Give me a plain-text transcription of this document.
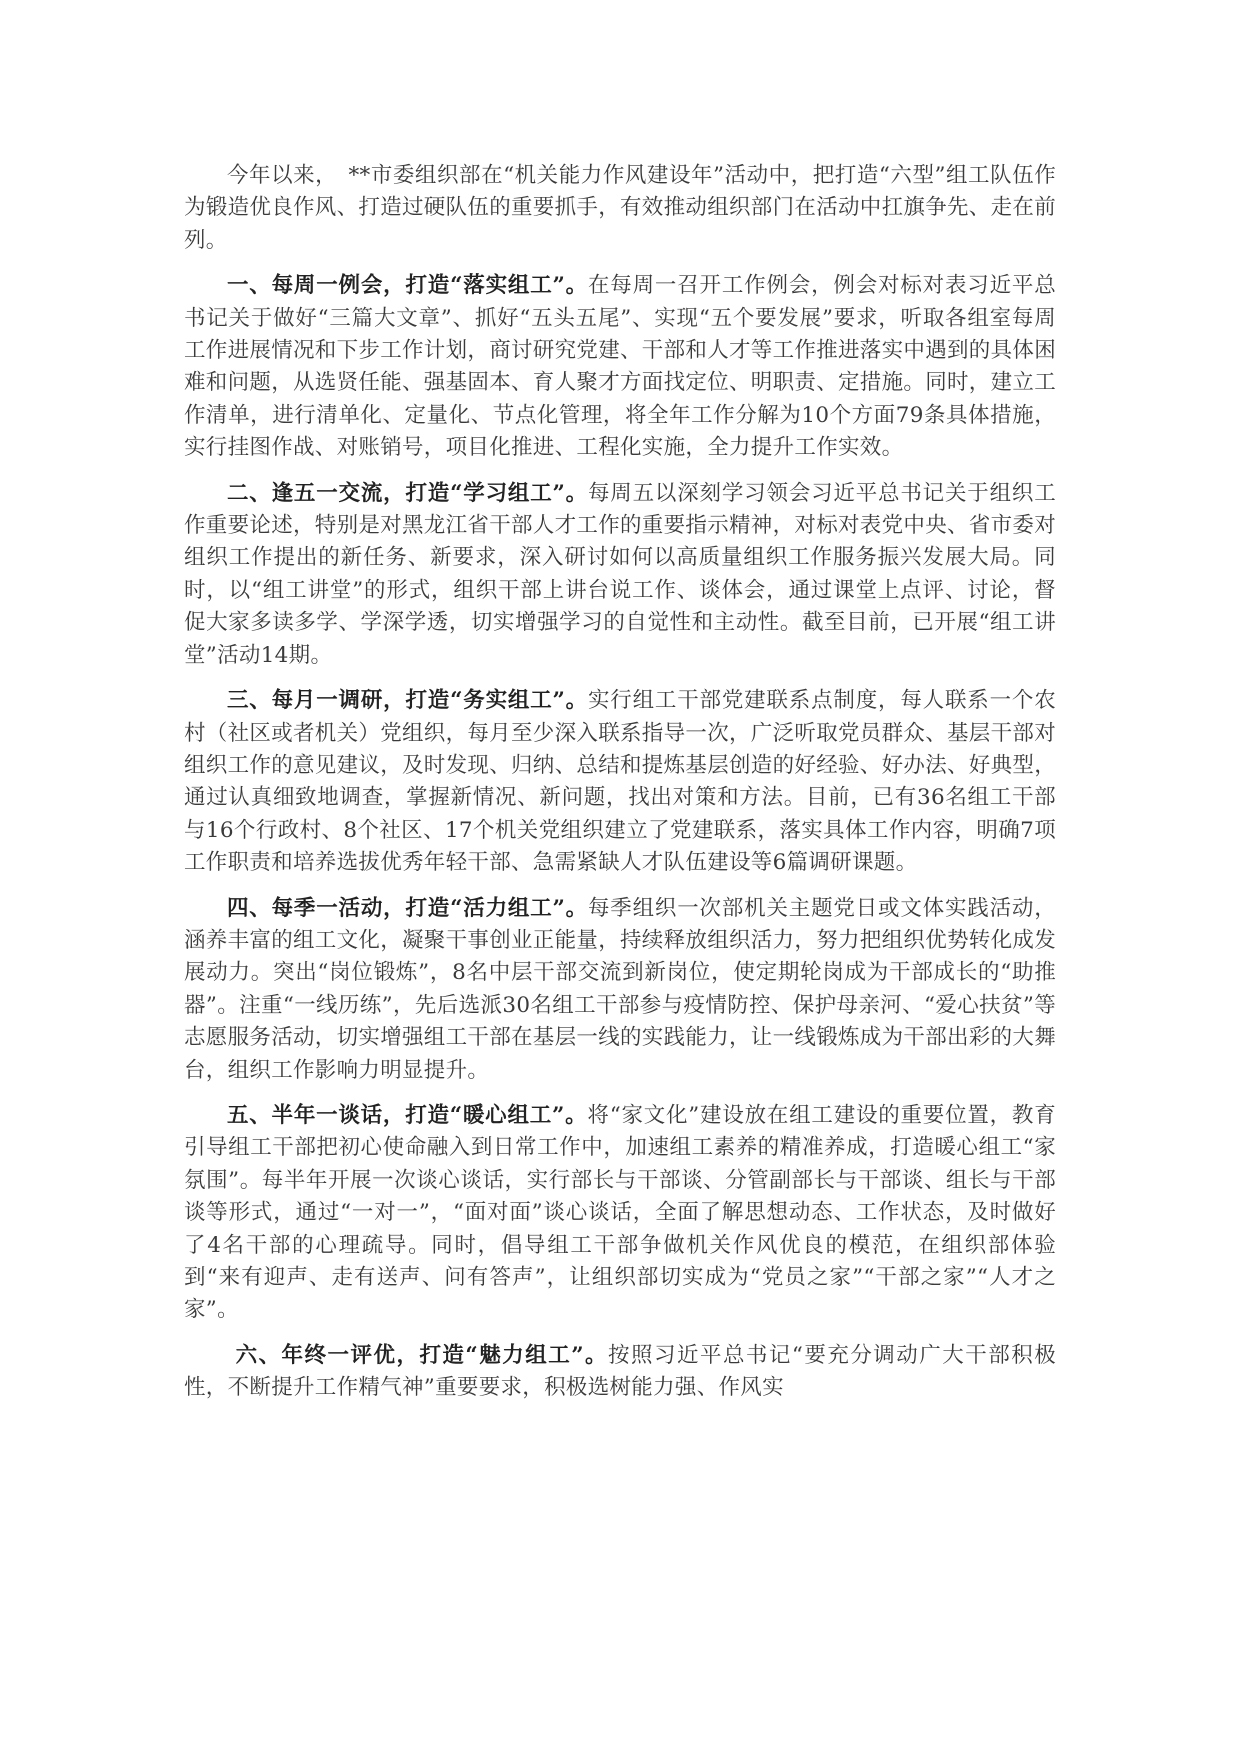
今年以来，　**市委组织部在“机关能力作风建设年”活动中，把打造“六型”组工队伍作为锻造优良作风、打造过硬队伍的重要抓手，有效推动组织部门在活动中扛旗争先、走在前列。

一、每周一例会，打造“落实组工”。在每周一召开工作例会，例会对标对表习近平总书记关于做好“三篇大文章”、抓好“五头五尾”、实现“五个要发展”要求，听取各组室每周工作进展情况和下步工作计划，商讨研究党建、干部和人才等工作推进落实中遇到的具体困难和问题，从选贤任能、强基固本、育人聚才方面找定位、明职责、定措施。同时，建立工作清单，进行清单化、定量化、节点化管理，将全年工作分解为10个方面79条具体措施，实行挂图作战、对账销号，项目化推进、工程化实施，全力提升工作实效。

二、逢五一交流，打造“学习组工”。每周五以深刻学习领会习近平总书记关于组织工作重要论述，特别是对黑龙江省干部人才工作的重要指示精神，对标对表党中央、省市委对组织工作提出的新任务、新要求，深入研讨如何以高质量组织工作服务振兴发展大局。同时，以“组工讲堂”的形式，组织干部上讲台说工作、谈体会，通过课堂上点评、讨论，督促大家多读多学、学深学透，切实增强学习的自觉性和主动性。截至目前，已开展“组工讲堂”活动14期。

三、每月一调研，打造“务实组工”。实行组工干部党建联系点制度，每人联系一个农村（社区或者机关）党组织，每月至少深入联系指导一次，广泛听取党员群众、基层干部对组织工作的意见建议，及时发现、归纳、总结和提炼基层创造的好经验、好办法、好典型，通过认真细致地调查，掌握新情况、新问题，找出对策和方法。目前，已有36名组工干部与16个行政村、8个社区、17个机关党组织建立了党建联系，落实具体工作内容，明确7项工作职责和培养选拔优秀年轻干部、急需紧缺人才队伍建设等6篇调研课题。

四、每季一活动，打造“活力组工”。每季组织一次部机关主题党日或文体实践活动，涵养丰富的组工文化，凝聚干事创业正能量，持续释放组织活力，努力把组织优势转化成发展动力。突出“岗位锻炼”，8名中层干部交流到新岗位，使定期轮岗成为干部成长的“助推器”。注重“一线历练”，先后选派30名组工干部参与疫情防控、保护母亲河、“爱心扶贫”等志愿服务活动，切实增强组工干部在基层一线的实践能力，让一线锻炼成为干部出彩的大舞台，组织工作影响力明显提升。

五、半年一谈话，打造“暖心组工”。将“家文化”建设放在组工建设的重要位置，教育引导组工干部把初心使命融入到日常工作中，加速组工素养的精准养成，打造暖心组工“家氛围”。每半年开展一次谈心谈话，实行部长与干部谈、分管副部长与干部谈、组长与干部谈等形式，通过“一对一”，“面对面”谈心谈话，全面了解思想动态、工作状态，及时做好了4名干部的心理疏导。同时，倡导组工干部争做机关作风优良的模范，在组织部体验到“来有迎声、走有送声、问有答声”，让组织部切实成为“党员之家”“干部之家”“人才之家”。

六、年终一评优，打造“魅力组工”。按照习近平总书记“要充分调动广大干部积极性，不断提升工作精气神”重要要求，积极选树能力强、作风实
